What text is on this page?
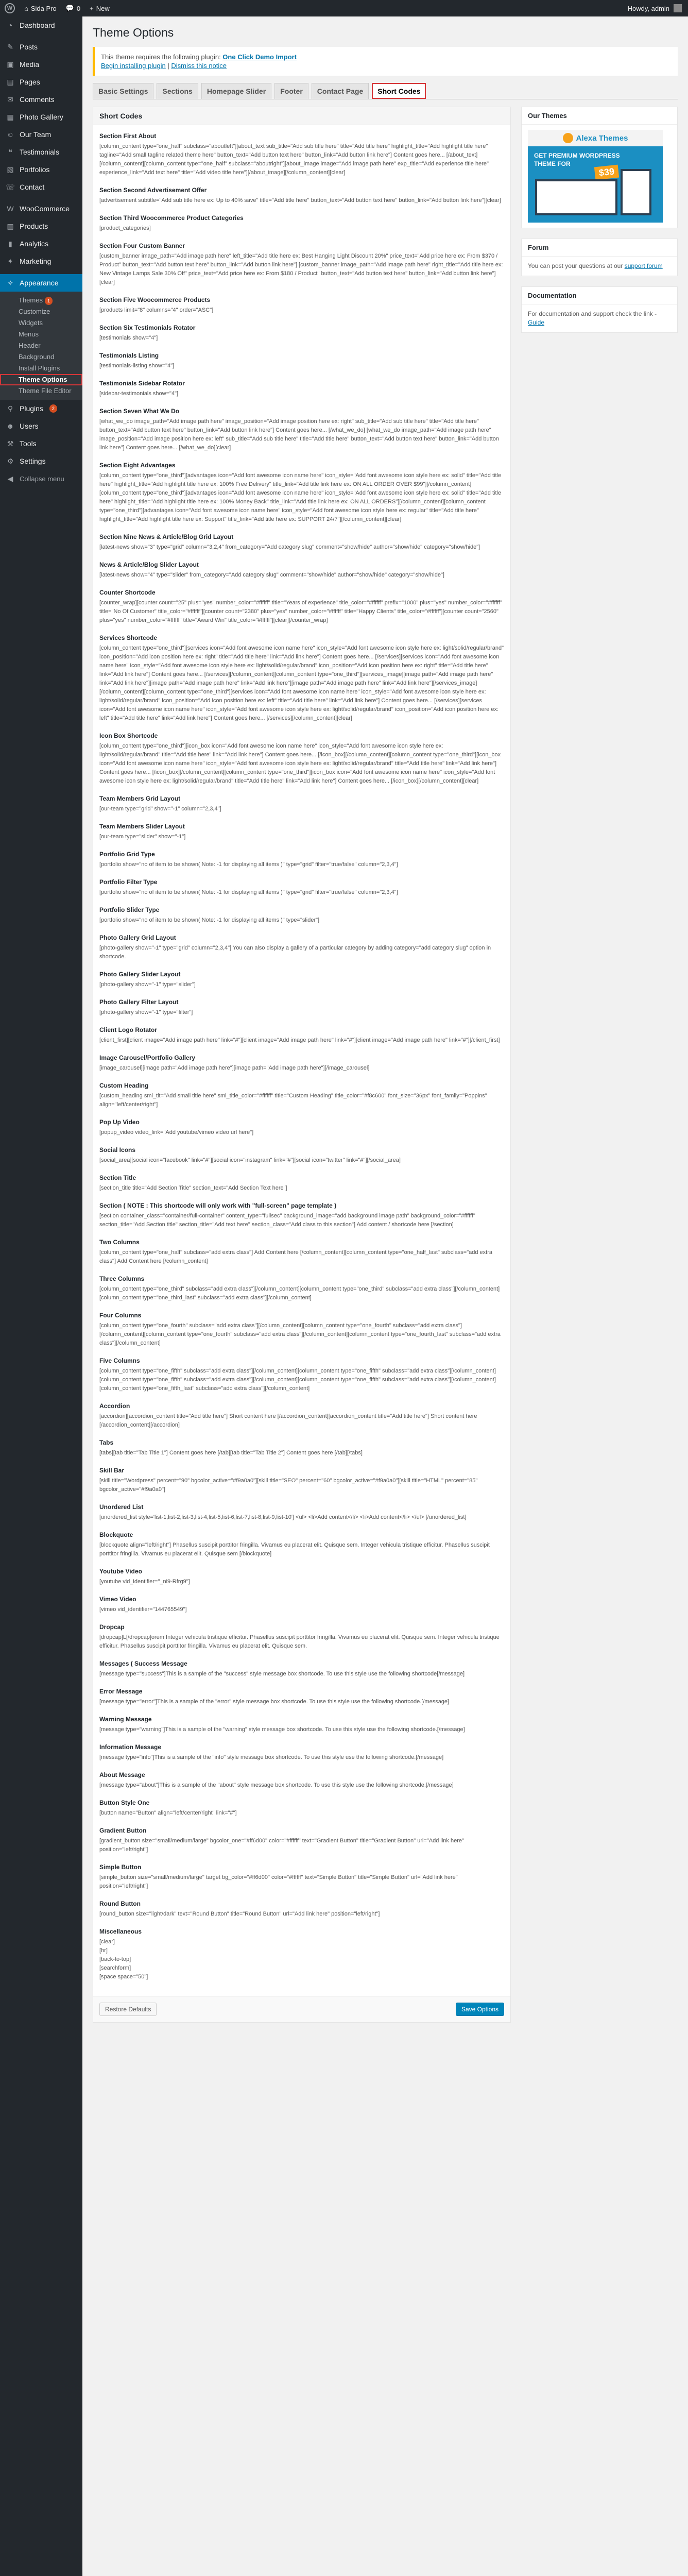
W	⌂ Sida Pro 💬 0 + New	Howdy, admin
◔ Dashboard
✎ Posts
▣ Media
▤ Pages
✉ Comments
▦ Photo Gallery
☺ Our Team
❝	Testimonials
▧ Portfolios
☏ Contact
W WooCommerce
▥ Products
▮	Analytics
✦ Marketing
✧ Appearance
Themes 1
Customize
Widgets
Menus
Header
Background
Install Plugins
Theme Options
Theme File Editor
⚲ Plugins	2
☻ Users
⚒ Tools
⚙ Settings
◀ Collapse menu
Theme Options

This theme requires the following plugin: One Click Demo Import

Begin installing plugin | Dismiss this notice

Basic Settings	Sections	Homepage Slider	Footer	Contact Page	Short Codes
Short Codes
Section First About
[column_content type="one_half" subclass="aboutleft"][about_text sub_title="Add sub title here" title="Add title here" highlight_title="Add highlight title here" tagline="Add small tagline related theme here" button_text="Add button text here" button_link="Add button link here"] Content goes here... [/about_text] [/column_content][column_content type="one_half" subclass="aboutright"][about_image image="Add image path here" exp_title="Add experience title here" experience_link="Add text here" title="Add video title here"][/about_image][/column_content][clear]
Section Second Advertisement Offer
[advertisement subtitle="Add sub title here ex: Up to 40% save" title="Add title here" button_text="Add button text here" button_link="Add button link here"][clear]
Section Third Woocommerce Product Categories
[product_categories]
Section Four Custom Banner
[custom_banner image_path="Add image path here" left_title="Add title here ex: Best Hanging Light Discount 20%" price_text="Add price here ex: From $370 / Product" button_text="Add button text here" button_link="Add button link here"] [custom_banner image_path="Add image path here" right_title="Add title here ex: New Vintage Lamps Sale 30% Off" price_text="Add price here ex: From $180 / Product" button_text="Add button text here" button_link="Add button link here"][clear]
Section Five Woocommerce Products
[products limit="8" columns="4" order="ASC"]
Section Six Testimonials Rotator
[testimonials show="4"]
Testimonials Listing
[testimonials-listing show="4"]
Testimonials Sidebar Rotator
[sidebar-testimonials show="4"]
Section Seven What We Do
[what_we_do image_path="Add image path here" image_position="Add image position here ex: right" sub_title="Add sub title here" title="Add title here" button_text="Add button text here" button_link="Add button link here"] Content goes here... [/what_we_do] [what_we_do image_path="Add image path here" image_position="Add image position here ex: left" sub_title="Add sub title here" title="Add title here" button_text="Add button text here" button_link="Add button link here"] Content goes here... [/what_we_do][clear]
Section Eight Advantages
[column_content type="one_third"][advantages icon="Add font awesome icon name here" icon_style="Add font awesome icon style here ex: solid" title="Add title here" highlight_title="Add highlight title here ex: 100% Free Delivery" title_link="Add title link here ex: ON ALL ORDER OVER $99"][/column_content][column_content type="one_third"][advantages icon="Add font awesome icon name here" icon_style="Add font awesome icon style here ex: solid" title="Add title here" highlight_title="Add highlight title here ex: 100% Money Back" title_link="Add title link here ex: ON ALL ORDERS"][/column_content][column_content type="one_third"][advantages icon="Add font awesome icon name here" icon_style="Add font awesome icon style here ex: regular" title="Add title here" highlight_title="Add highlight title here ex: Support" title_link="Add title here ex: SUPPORT 24/7"][/column_content][clear]
Section Nine News & Article/Blog Grid Layout
[latest-news show="3" type="grid" column="3,2,4" from_category="Add category slug" comment="show/hide" author="show/hide" category="show/hide"]
News & Article/Blog Slider Layout
[latest-news show="4" type="slider" from_category="Add category slug" comment="show/hide" author="show/hide" category="show/hide"]
Counter Shortcode
[counter_wrap][counter count="25" plus="yes" number_color="#ffffff" title="Years of experience" title_color="#ffffff" prefix="1000" plus="yes" number_color="#ffffff" title="No Of Customer" title_color="#ffffff"][counter count="2380" plus="yes" number_color="#ffffff" title="Happy Clients" title_color="#ffffff"][counter count="2560" plus="yes" number_color="#ffffff" title="Award Win" title_color="#ffffff"][clear][/counter_wrap]
Services Shortcode
[column_content type="one_third"][services icon="Add font awesome icon name here" icon_style="Add font awesome icon style here ex: light/solid/regular/brand" icon_position="Add icon position here ex: right" title="Add title here" link="Add link here"] Content goes here... [/services][services icon="Add font awesome icon name here" icon_style="Add font awesome icon style here ex: light/solid/regular/brand" icon_position="Add icon position here ex: right" title="Add title here" link="Add link here"] Content goes here... [/services][/column_content][column_content type="one_third"][services_image][image path="Add image path here" link="Add link here"][image path="Add image path here" link="Add link here"][image path="Add image path here" link="Add link here"][/services_image][/column_content][column_content type="one_third"][services icon="Add font awesome icon name here" icon_style="Add font awesome icon style here ex: light/solid/regular/brand" icon_position="Add icon position here ex: left" title="Add title here" link="Add link here"] Content goes here... [/services][services icon="Add font awesome icon name here" icon_style="Add font awesome icon style here ex: light/solid/regular/brand" icon_position="Add icon position here ex: left" title="Add title here" link="Add link here"] Content goes here... [/services][/column_content][clear]
Icon Box Shortcode
[column_content type="one_third"][icon_box icon="Add font awesome icon name here" icon_style="Add font awesome icon style here ex: light/solid/regular/brand" title="Add title here" link="Add link here"] Content goes here... [/icon_box][/column_content][column_content type="one_third"][icon_box icon="Add font awesome icon name here" icon_style="Add font awesome icon style here ex: light/solid/regular/brand" title="Add title here" link="Add link here"] Content goes here... [/icon_box][/column_content][column_content type="one_third"][icon_box icon="Add font awesome icon name here" icon_style="Add font awesome icon style here ex: light/solid/regular/brand" title="Add title here" link="Add link here"] Content goes here... [/icon_box][/column_content][clear]
Team Members Grid Layout
[our-team type="grid" show="-1" column="2,3,4"]
Team Members Slider Layout
[our-team type="slider" show="-1"]
Portfolio Grid Type
[portfolio show="no of item to be shown( Note: -1 for displaying all items )" type="grid" filter="true/false" column="2,3,4"]
Portfolio Filter Type
[portfolio show="no of item to be shown( Note: -1 for displaying all items )" type="grid" filter="true/false" column="2,3,4"]
Portfolio Slider Type
[portfolio show="no of item to be shown( Note: -1 for displaying all items )" type="slider"]
Photo Gallery Grid Layout
[photo-gallery show="-1" type="grid" column="2,3,4"] You can also display a gallery of a particular category by adding category="add category slug" option in shortcode.
Photo Gallery Slider Layout
[photo-gallery show="-1" type="slider"]
Photo Gallery Filter Layout
[photo-gallery show="-1" type="filter"]
Client Logo Rotator
[client_first][client image="Add image path here" link="#"][client image="Add image path here" link="#"][client image="Add image path here" link="#"][/client_first]
Image Carousel/Portfolio Gallery
[image_carousel][image path="Add image path here"][image path="Add image path here"][/image_carousel]
Custom Heading
[custom_heading sml_tit="Add small title here" sml_title_color="#ffffff" title="Custom Heading" title_color="#f8c600" font_size="36px" font_family="Poppins" align="left/center/right"]
Pop Up Video
[popup_video video_link="Add youtube/vimeo video url here"]
Social Icons
[social_area][social icon="facebook" link="#"][social icon="instagram" link="#"][social icon="twitter" link="#"][/social_area]
Section Title
[section_title title="Add Section Title" section_text="Add Section Text here"]
Section ( NOTE : This shortcode will only work with "full-screen" page template )
[section container_class="container/full-container" content_type="fullsec" background_image="add background image path" background_color="#ffffff" section_title="Add Section title" section_title="Add text here" section_class="Add class to this section"] Add content / shortcode here [/section]
Two Columns
[column_content type="one_half" subclass="add extra class"] Add Content here [/column_content][column_content type="one_half_last" subclass="add extra class"] Add Content here [/column_content]
Three Columns
[column_content type="one_third" subclass="add extra class"][/column_content][column_content type="one_third" subclass="add extra class"][/column_content][column_content type="one_third_last" subclass="add extra class"][/column_content]
Four Columns
[column_content type="one_fourth" subclass="add extra class"][/column_content][column_content type="one_fourth" subclass="add extra class"][/column_content][column_content type="one_fourth" subclass="add extra class"][/column_content][column_content type="one_fourth_last" subclass="add extra class"][/column_content]
Five Columns
[column_content type="one_fifth" subclass="add extra class"][/column_content][column_content type="one_fifth" subclass="add extra class"][/column_content][column_content type="one_fifth" subclass="add extra class"][/column_content][column_content type="one_fifth" subclass="add extra class"][/column_content][column_content type="one_fifth_last" subclass="add extra class"][/column_content]
Accordion
[accordion][accordion_content title="Add title here"] Short content here [/accordion_content][accordion_content title="Add title here"] Short content here [/accordion_content][/accordion]
Tabs
[tabs][tab title="Tab Title 1"] Content goes here [/tab][tab title="Tab Title 2"] Content goes here [/tab][/tabs]
Skill Bar
[skill title="Wordpress" percent="90" bgcolor_active="#f9a0a0"][skill title="SEO" percent="60" bgcolor_active="#f9a0a0"][skill title="HTML" percent="85" bgcolor_active="#f9a0a0"]
Unordered List
[unordered_list style='list-1,list-2,list-3,list-4,list-5,list-6,list-7,list-8,list-9,list-10'] <ul> <li>Add content</li> <li>Add content</li> </ul> [/unordered_list]
Blockquote
[blockquote align="left/right"] Phasellus suscipit porttitor fringilla. Vivamus eu placerat elit. Quisque sem. Integer vehicula tristique efficitur. Phasellus suscipit porttitor fringilla. Vivamus eu placerat elit. Quisque sem [/blockquote]
Youtube Video
[youtube vid_identifier="_ni9-Rfrg9"]
Vimeo Video
[vimeo vid_identifier="144765549"]
Dropcap
[dropcap]L[/dropcap]orem Integer vehicula tristique efficitur. Phasellus suscipit porttitor fringilla. Vivamus eu placerat elit. Quisque sem. Integer vehicula tristique efficitur. Phasellus suscipit porttitor fringilla. Vivamus eu placerat elit. Quisque sem.
Messages ( Success Message
[message type="success"]This is a sample of the "success" style message box shortcode. To use this style use the following shortcode[/message]
Error Message
[message type="error"]This is a sample of the "error" style message box shortcode. To use this style use the following shortcode.[/message]
Warning Message
[message type="warning"]This is a sample of the "warning" style message box shortcode. To use this style use the following shortcode.[/message]
Information Message
[message type="info"]This is a sample of the "info" style message box shortcode. To use this style use the following shortcode.[/message]
About Message
[message type="about"]This is a sample of the "about" style message box shortcode. To use this style use the following shortcode.[/message]
Button Style One
[button name="Button" align="left/center/right" link="#"]
Gradient Button
[gradient_button size="small/medium/large" bgcolor_one="#ff6d00" color="#ffffff" text="Gradient Button" title="Gradient Button" url="Add link here" position="left/right"]
Simple Button
[simple_button size="small/medium/large" target bg_color="#ff6d00" color="#ffffff" text="Simple Button" title="Simple Button" url="Add link here" position="left/right"]
Round Button
[round_button size="light/dark" text="Round Button" title="Round Button" url="Add link here" position="left/right"]
Miscellaneous
[clear]
[hr]
[back-to-top]
[searchform]
[space space="50"]
Restore Defaults	Save Options
Our Themes
Alexa Themes
GET PREMIUM WORDPRESS THEME FOR
$39
Forum
You can post your questions at our support forum
Documentation
For documentation and support check the link - Guide
